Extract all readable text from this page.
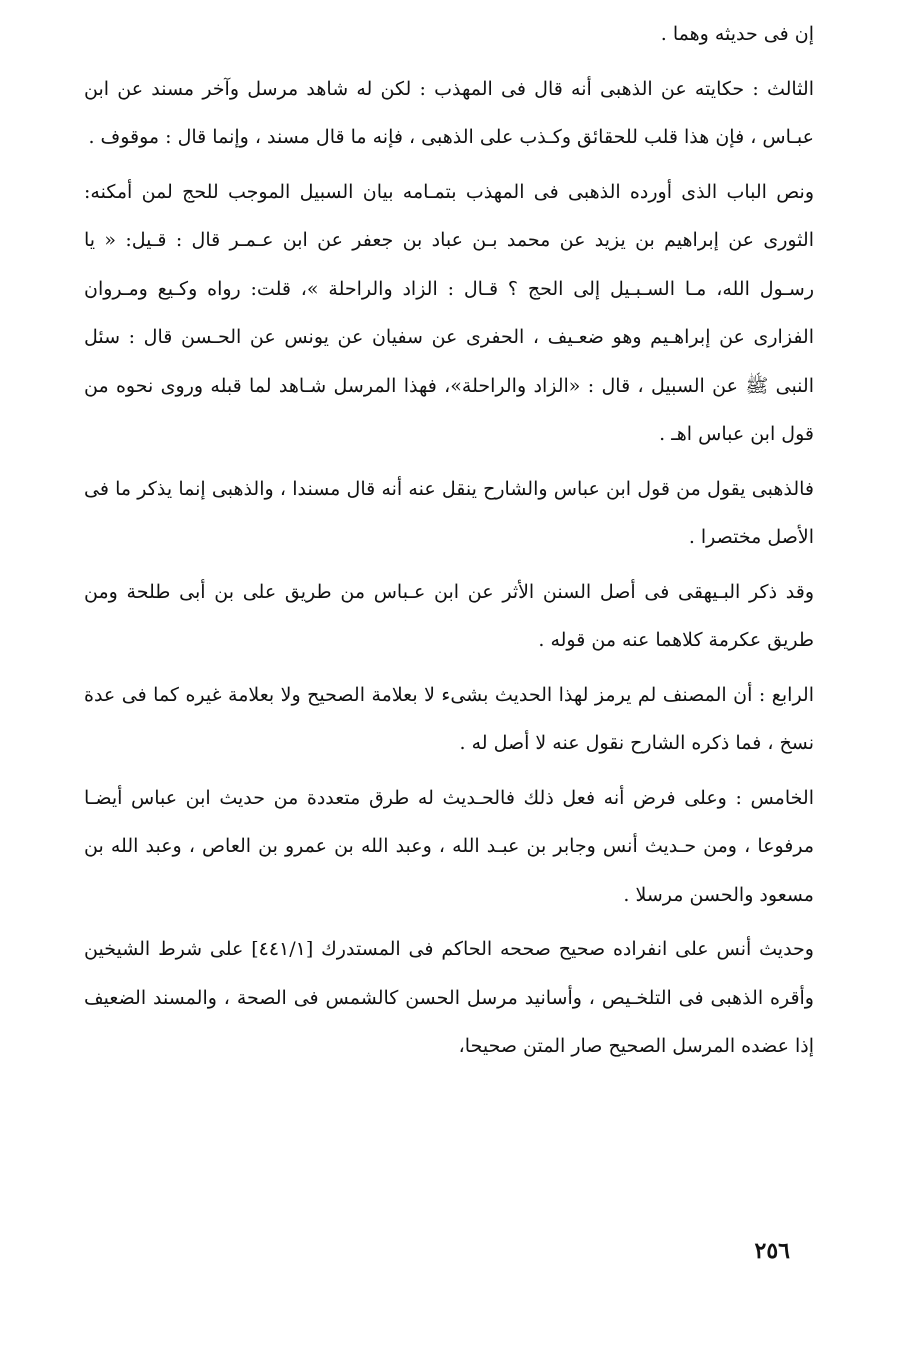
إن فى حديثه وهما .

الثالث : حكايته عن الذهبى أنه قال فى المهذب : لكن له شاهد مرسل وآخر مسند عن ابن عبـاس ، فإن هذا قلب للحقائق وكـذب على الذهبى ، فإنه ما قال مسند ، وإنما قال : موقوف .

ونص الباب الذى أورده الذهبى فى المهذب بتمـامه بيان السبيل الموجب للحج لمن أمكنه: الثورى عن إبراهيم بن يزيد عن محمد بـن عباد بن جعفر عن ابن عـمـر قال : قـيل: « يا رسـول الله، مـا السـبـيل إلى الحج ؟ قـال : الزاد والراحلة »، قلت: رواه وكـيع ومـروان الفزارى عن إبراهـيم وهو ضعـيف ، الحفرى عن سفيان عن يونس عن الحـسن قال : سئل النبى ﷺ عن السبيل ، قال : «الزاد والراحلة»، فهذا المرسل شـاهد لما قبله وروى نحوه من قول ابن عباس اهـ .

فالذهبى يقول من قول ابن عباس والشارح ينقل عنه أنه قال مسندا ، والذهبى إنما يذكر ما فى الأصل مختصرا .

وقد ذكر البـيهقى فى أصل السنن الأثر عن ابن عـباس من طريق على بن أبى طلحة ومن طريق عكرمة كلاهما عنه من قوله .

الرابع : أن المصنف لم يرمز لهذا الحديث بشىء لا بعلامة الصحيح ولا بعلامة غيره كما فى عدة نسخ ، فما ذكره الشارح نقول عنه لا أصل له .

الخامس : وعلى فرض أنه فعل ذلك فالحـديث له طرق متعددة من حديث ابن عباس أيضـا مرفوعا ، ومن حـديث أنس وجابر بن عبـد الله ، وعبد الله بن عمرو بن العاص ، وعبد الله بن مسعود والحسن مرسلا .

وحديث أنس على انفراده صحيح صححه الحاكم فى المستدرك [٤٤١/١] على شرط الشيخين وأقره الذهبى فى التلخـيص ، وأسانيد مرسل الحسن كالشمس فى الصحة ، والمسند الضعيف إذا عضده المرسل الصحيح صار المتن صحيحا،

٢٥٦
